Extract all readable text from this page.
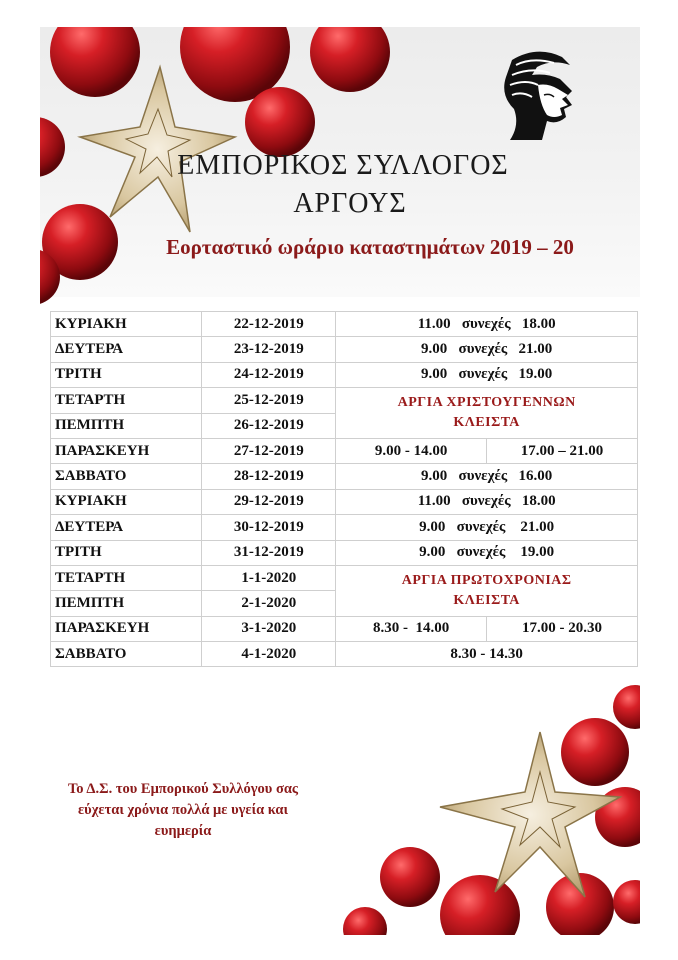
ΕΜΠΟΡΙΚΟΣ ΣΥΛΛΟΓΟΣ
ΑΡΓΟΥΣ
Εορταστικό ωράριο καταστημάτων 2019 – 20
ΚΥΡΙΑΚΗ	22-12-2019	11.00   συνεχές   18.00	
ΔΕΥΤΕΡΑ	23-12-2019	9.00   συνεχές   21.00	
ΤΡΙΤΗ	24-12-2019	9.00   συνεχές   19.00	
ΤΕΤΑΡΤΗ	25-12-2019	ΑΡΓΙΑ ΧΡΙΣΤΟΥΓΕΝΝΩΝ
ΚΛΕΙΣΤΑ	

ΠΕΜΠΤΗ	26-12-2019		
ΠΑΡΑΣΚΕΥΗ	27-12-2019	9.00 - 14.00	17.00 – 21.00
ΣΑΒΒΑΤΟ	28-12-2019	9.00   συνεχές   16.00	
ΚΥΡΙΑΚΗ	29-12-2019	11.00   συνεχές   18.00	
ΔΕΥΤΕΡΑ	30-12-2019	9.00   συνεχές    21.00	
ΤΡΙΤΗ	31-12-2019	9.00   συνεχές    19.00	
ΤΕΤΑΡΤΗ	1-1-2020	ΑΡΓΙΑ ΠΡΩΤΟΧΡΟΝΙΑΣ
ΚΛΕΙΣΤΑ	

ΠΕΜΠΤΗ	2-1-2020		
ΠΑΡΑΣΚΕΥΗ	3-1-2020	8.30 -  14.00	17.00 - 20.30
ΣΑΒΒΑΤΟ	4-1-2020	8.30 - 14.30	
Το Δ.Σ. του Εμπορικού Συλλόγου σας
εύχεται χρόνια πολλά με υγεία και
ευημερία
